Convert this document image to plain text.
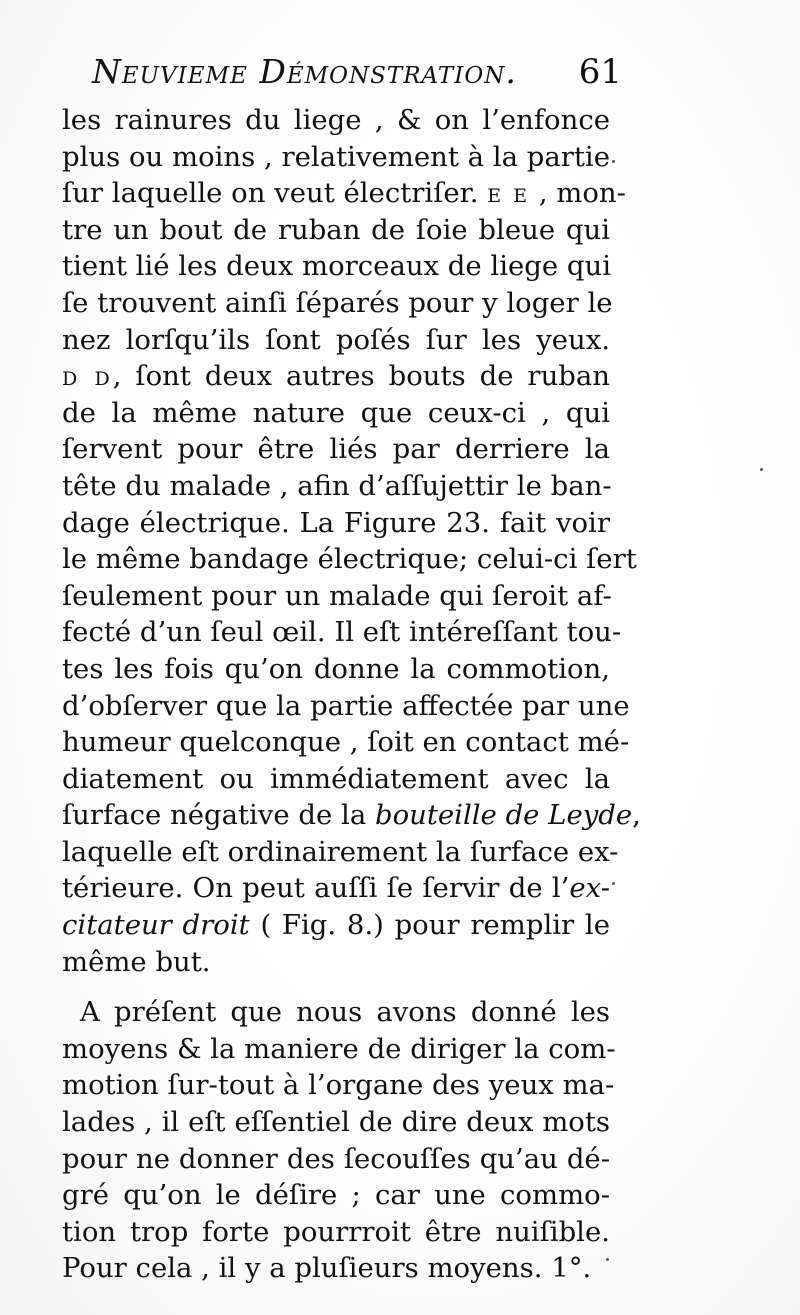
Neuvieme Démonstration. 61
les rainures du liege , & on l’enfonce
plus ou moins , relativement à la partie
ſur laquelle on veut électriſer. E E , mon-
tre un bout de ruban de ſoie bleue qui
tient lié les deux morceaux de liege qui
ſe trouvent ainſi ſéparés pour y loger le
nez lorſqu’ils ſont poſés ſur les yeux.
D D, ſont deux autres bouts de ruban
de la même nature que ceux-ci , qui
ſervent pour être liés par derriere la
tête du malade , afin d’aſſujettir le ban-
dage électrique. La Figure 23. fait voir
le même bandage électrique; celui-ci ſert
ſeulement pour un malade qui ſeroit af-
fecté d’un ſeul œil. Il eſt intéreſſant tou-
tes les fois qu’on donne la commotion,
d’obſerver que la partie affectée par une
humeur quelconque , ſoit en contact mé-
diatement ou immédiatement avec la
ſurface négative de la bouteille de Leyde,
laquelle eſt ordinairement la ſurface ex-
térieure. On peut auſſi ſe ſervir de l’ex-
citateur droit ( Fig. 8.) pour remplir le
même but.
A préſent que nous avons donné les
moyens & la maniere de diriger la com-
motion ſur-tout à l’organe des yeux ma-
lades , il eſt eſſentiel de dire deux mots
pour ne donner des ſecouſſes qu’au dé-
gré qu’on le déſire ; car une commo-
tion trop forte pourrroit être nuiſible.
Pour cela , il y a pluſieurs moyens. 1°.
